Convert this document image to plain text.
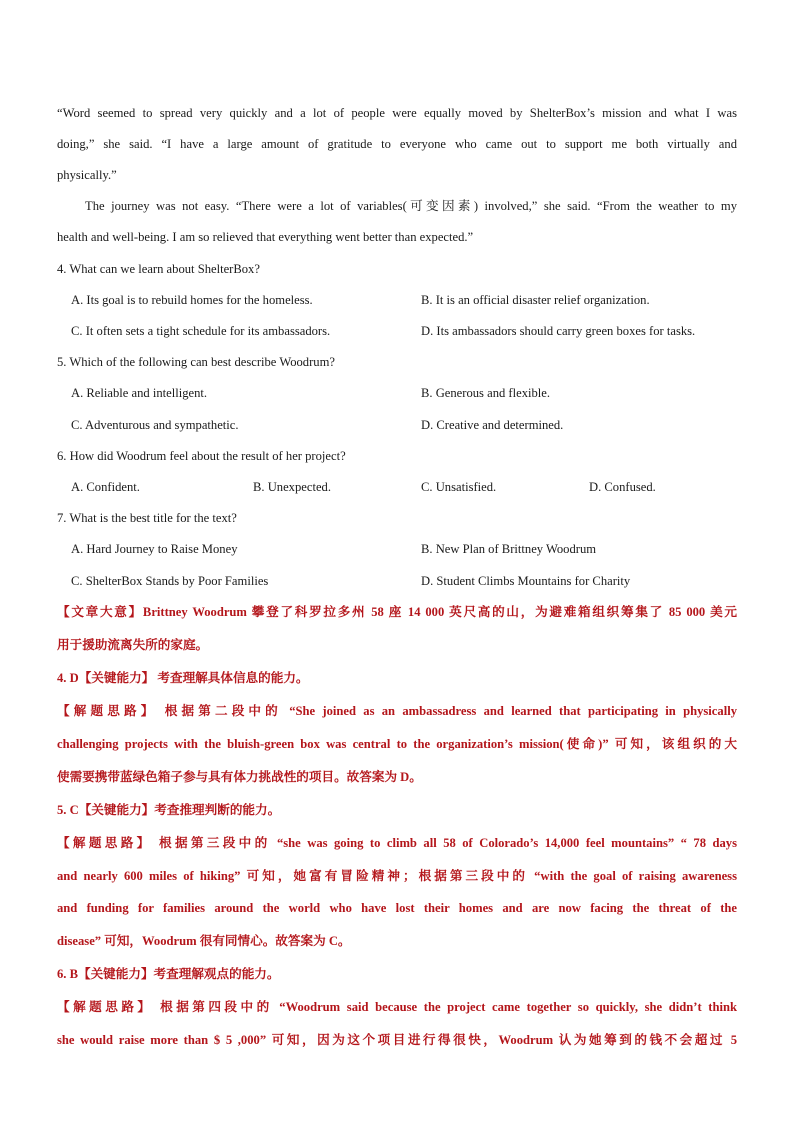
“Word seemed to spread very quickly and a lot of people were equally moved by ShelterBox’s mission and what I was
doing,” she said. “I have a large amount of gratitude to everyone who came out to support me both virtually and
physically.”
The journey was not easy. “There were a lot of variables(可变因素) involved,” she said. “From the weather to my
health and well-being. I am so relieved that everything went better than expected.”
4. What can we learn about ShelterBox?
A. Its goal is to rebuild homes for the homeless.	B. It is an official disaster relief organization.
C. It often sets a tight schedule for its ambassadors.	D. Its ambassadors should carry green boxes for tasks.
5. Which of the following can best describe Woodrum?
A. Reliable and intelligent.	B. Generous and flexible.
C. Adventurous and sympathetic.	D. Creative and determined.
6. How did Woodrum feel about the result of her project?
A. Confident.	B. Unexpected.	C. Unsatisfied.	D. Confused.
7. What is the best title for the text?
A. Hard Journey to Raise Money	B. New Plan of Brittney Woodrum
C. ShelterBox Stands by Poor Families	D. Student Climbs Mountains for Charity
【文章大意】Brittney Woodrum 攀登了科罗拉多州 58 座 14 000 英尺高的山，为避难箱组织筹集了 85 000 美元
用于援助流离失所的家庭。
4. D【关键能力】 考查理解具体信息的能力。
【解题思路】 根据第二段中的 “She joined as an ambassadress and learned that participating in physically
challenging projects with the bluish-green box was central to the organization’s mission(使命)” 可知，该组织的大
使需要携带蓝绿色箱子参与具有体力挑战性的项目。故答案为 D。
5. C【关键能力】考查推理判断的能力。
【解题思路】 根据第三段中的 “she was going to climb all 58 of Colorado’s 14,000 feel mountains” “ 78 days
and nearly 600 miles of hiking” 可知，她富有冒险精神；根据第三段中的 “with the goal of raising awareness
and funding for families around the world who have lost their homes and are now facing the threat of the
disease” 可知，Woodrum 很有同情心。故答案为 C。
6. B【关键能力】考查理解观点的能力。
【解题思路】 根据第四段中的 “Woodrum said because the project came together so quickly, she didn’t think
she would raise more than $ 5 ,000” 可知，因为这个项目进行得很快，Woodrum 认为她筹到的钱不会超过 5
